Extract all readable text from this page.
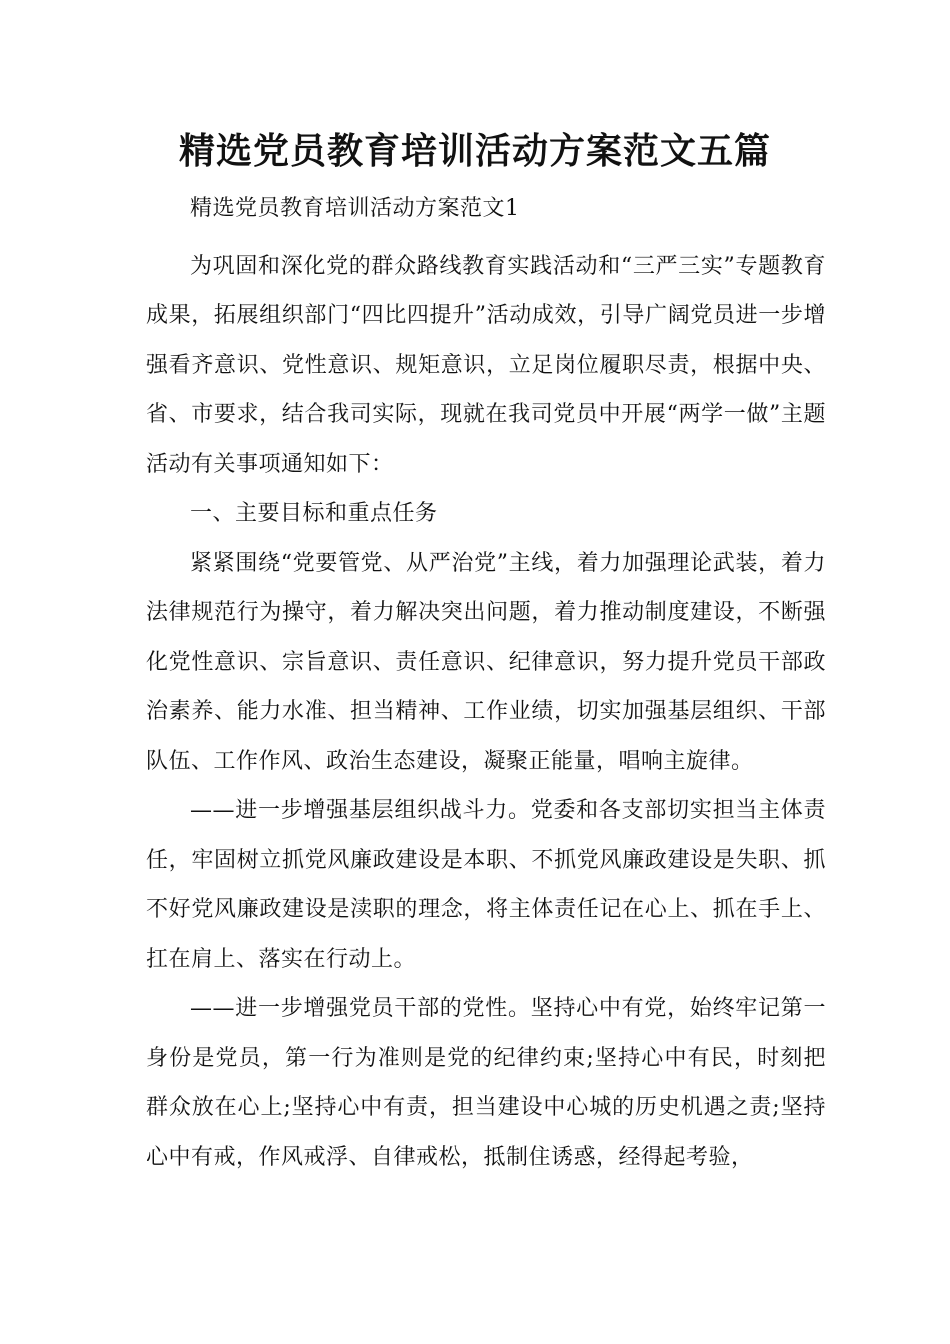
精选党员教育培训活动方案范文五篇

精选党员教育培训活动方案范文1

为巩固和深化党的群众路线教育实践活动和“三严三实”专题教育成果，拓展组织部门“四比四提升”活动成效，引导广阔党员进一步增强看齐意识、党性意识、规矩意识，立足岗位履职尽责，根据中央、省、市要求，结合我司实际，现就在我司党员中开展“两学一做”主题活动有关事项通知如下：

一、主要目标和重点任务

紧紧围绕“党要管党、从严治党”主线，着力加强理论武装，着力法律规范行为操守，着力解决突出问题，着力推动制度建设，不断强化党性意识、宗旨意识、责任意识、纪律意识，努力提升党员干部政治素养、能力水准、担当精神、工作业绩，切实加强基层组织、干部队伍、工作作风、政治生态建设，凝聚正能量，唱响主旋律。

——进一步增强基层组织战斗力。党委和各支部切实担当主体责任，牢固树立抓党风廉政建设是本职、不抓党风廉政建设是失职、抓不好党风廉政建设是渎职的理念，将主体责任记在心上、抓在手上、扛在肩上、落实在行动上。

——进一步增强党员干部的党性。坚持心中有党，始终牢记第一身份是党员，第一行为准则是党的纪律约束;坚持心中有民，时刻把群众放在心上;坚持心中有责，担当建设中心城的历史机遇之责;坚持心中有戒，作风戒浮、自律戒松，抵制住诱惑，经得起考验，
